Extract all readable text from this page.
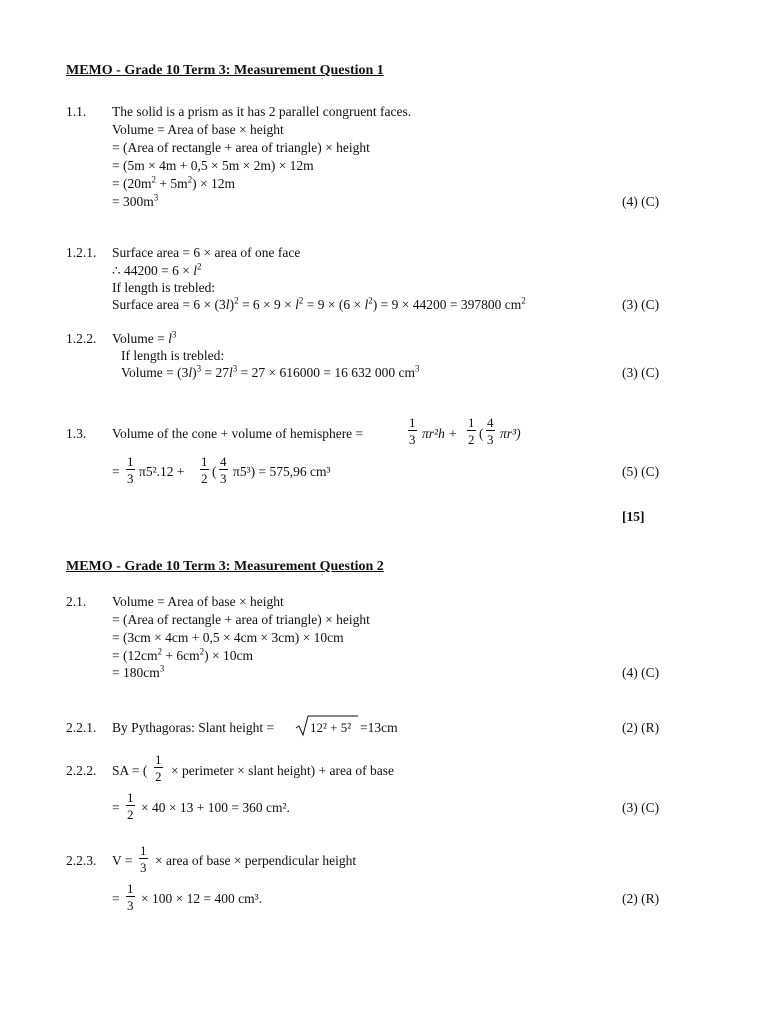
MEMO - Grade 10 Term 3: Measurement Question 1
1.1. The solid is a prism as it has 2 parallel congruent faces.
Volume = Area of base × height
= (Area of rectangle + area of triangle) × height
= (5m × 4m + 0,5 × 5m × 2m) × 12m
= $(20m^2 + 5m^2) \times 12m$
= $300m^3$	(4) (C)
1.2.1. Surface area = 6 × area of one face
∴ $44200 = 6 \times l^2$
If length is trebled:
Surface area = $6 \times (3l)^2 = 6 \times 9 \times l^2 = 9 \times (6 \times l^2) = 9 \times 44200 = 397800$ $cm^2$	(3) (C)
1.2.2. Volume = $l^3$
If length is trebled:
Volume = $(3l)^3 = 27l^3 = 27 \times 616000 = 16$ 632 000 $cm^3$	(3) (C)
1.3. Volume of the cone + volume of hemisphere =
1
3 πr²h +
1
2 (
4
3 πr³)
=
1
3 π5².12 +
1
2 (
4
3 π5³) = 575,96 cm³	(5) (C)
[15]
MEMO - Grade 10 Term 3: Measurement Question 2
2.1. Volume = Area of base × height
= (Area of rectangle + area of triangle) × height
= (3cm × 4cm + 0,5 × 4cm × 3cm) × 10cm
= $(12cm^2 + 6cm^2) \times 10cm$
= $180cm^3$	(4) (C)
2.2.1. By Pythagoras: Slant height =	12² + 5² =13cm	(2) (R)
2.2.2. SA = (
1
2 × perimeter × slant height) + area of base
=
1
2 × 40 × 13 + 100 = 360 cm².	(3) (C)
2.2.3. V =
1
3 × area of base × perpendicular height
=
1
3 × 100 × 12 = 400 cm³.	(2) (R)
